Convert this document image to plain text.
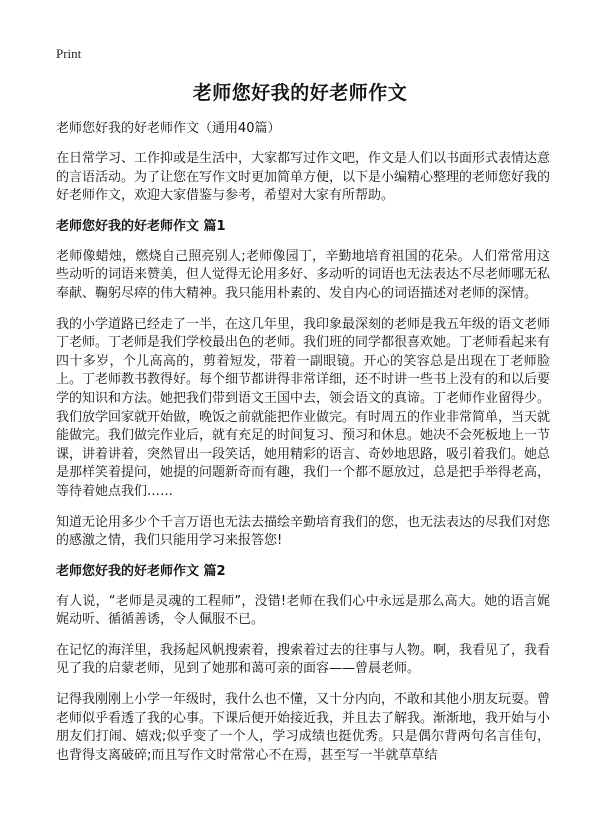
Print
老师您好我的好老师作文
老师您好我的好老师作文（通用40篇）

在日常学习、工作抑或是生活中，大家都写过作文吧，作文是人们以书面形式表情达意的言语活动。为了让您在写作文时更加简单方便，以下是小编精心整理的老师您好我的好老师作文，欢迎大家借鉴与参考，希望对大家有所帮助。

老师您好我的好老师作文 篇1

老师像蜡烛，燃烧自己照亮别人;老师像园丁，辛勤地培育祖国的花朵。人们常常用这些动听的词语来赞美，但人觉得无论用多好、多动听的词语也无法表达不尽老师哪无私奉献、鞠躬尽瘁的伟大精神。我只能用朴素的、发自内心的词语描述对老师的深情。

我的小学道路已经走了一半，在这几年里，我印象最深刻的老师是我五年级的语文老师丁老师。丁老师是我们学校最出色的老师。我们班的同学都很喜欢她。丁老师看起来有四十多岁，个儿高高的，剪着短发，带着一副眼镜。开心的笑容总是出现在丁老师脸上。丁老师教书教得好。每个细节都讲得非常详细，还不时讲一些书上没有的和以后要学的知识和方法。她把我们带到语文王国中去，领会语文的真谛。丁老师作业留得少。我们放学回家就开始做，晚饭之前就能把作业做完。有时周五的作业非常简单，当天就能做完。我们做完作业后，就有充足的时间复习、预习和休息。她决不会死板地上一节课，讲着讲着，突然冒出一段笑话，她用精彩的语言、奇妙地思路，吸引着我们。她总是那样笑着提问，她提的问题新奇而有趣，我们一个都不愿放过，总是把手举得老高，等待着她点我们……

知道无论用多少个千言万语也无法去描绘辛勤培育我们的您，也无法表达的尽我们对您的感激之情，我们只能用学习来报答您!

老师您好我的好老师作文 篇2

有人说，“老师是灵魂的工程师”，没错!老师在我们心中永远是那么高大。她的语言娓娓动听、循循善诱，令人佩服不已。

在记忆的海洋里，我扬起风帆搜索着，搜索着过去的往事与人物。啊，我看见了，我看见了我的启蒙老师，见到了她那和蔼可亲的面容——曾晨老师。

记得我刚刚上小学一年级时，我什么也不懂，又十分内向，不敢和其他小朋友玩耍。曾老师似乎看透了我的心事。下课后便开始接近我，并且去了解我。渐渐地，我开始与小朋友们打闹、嬉戏;似乎变了一个人，学习成绩也挺优秀。只是偶尔背两句名言佳句，也背得支离破碎;而且写作文时常常心不在焉，甚至写一半就草草结
